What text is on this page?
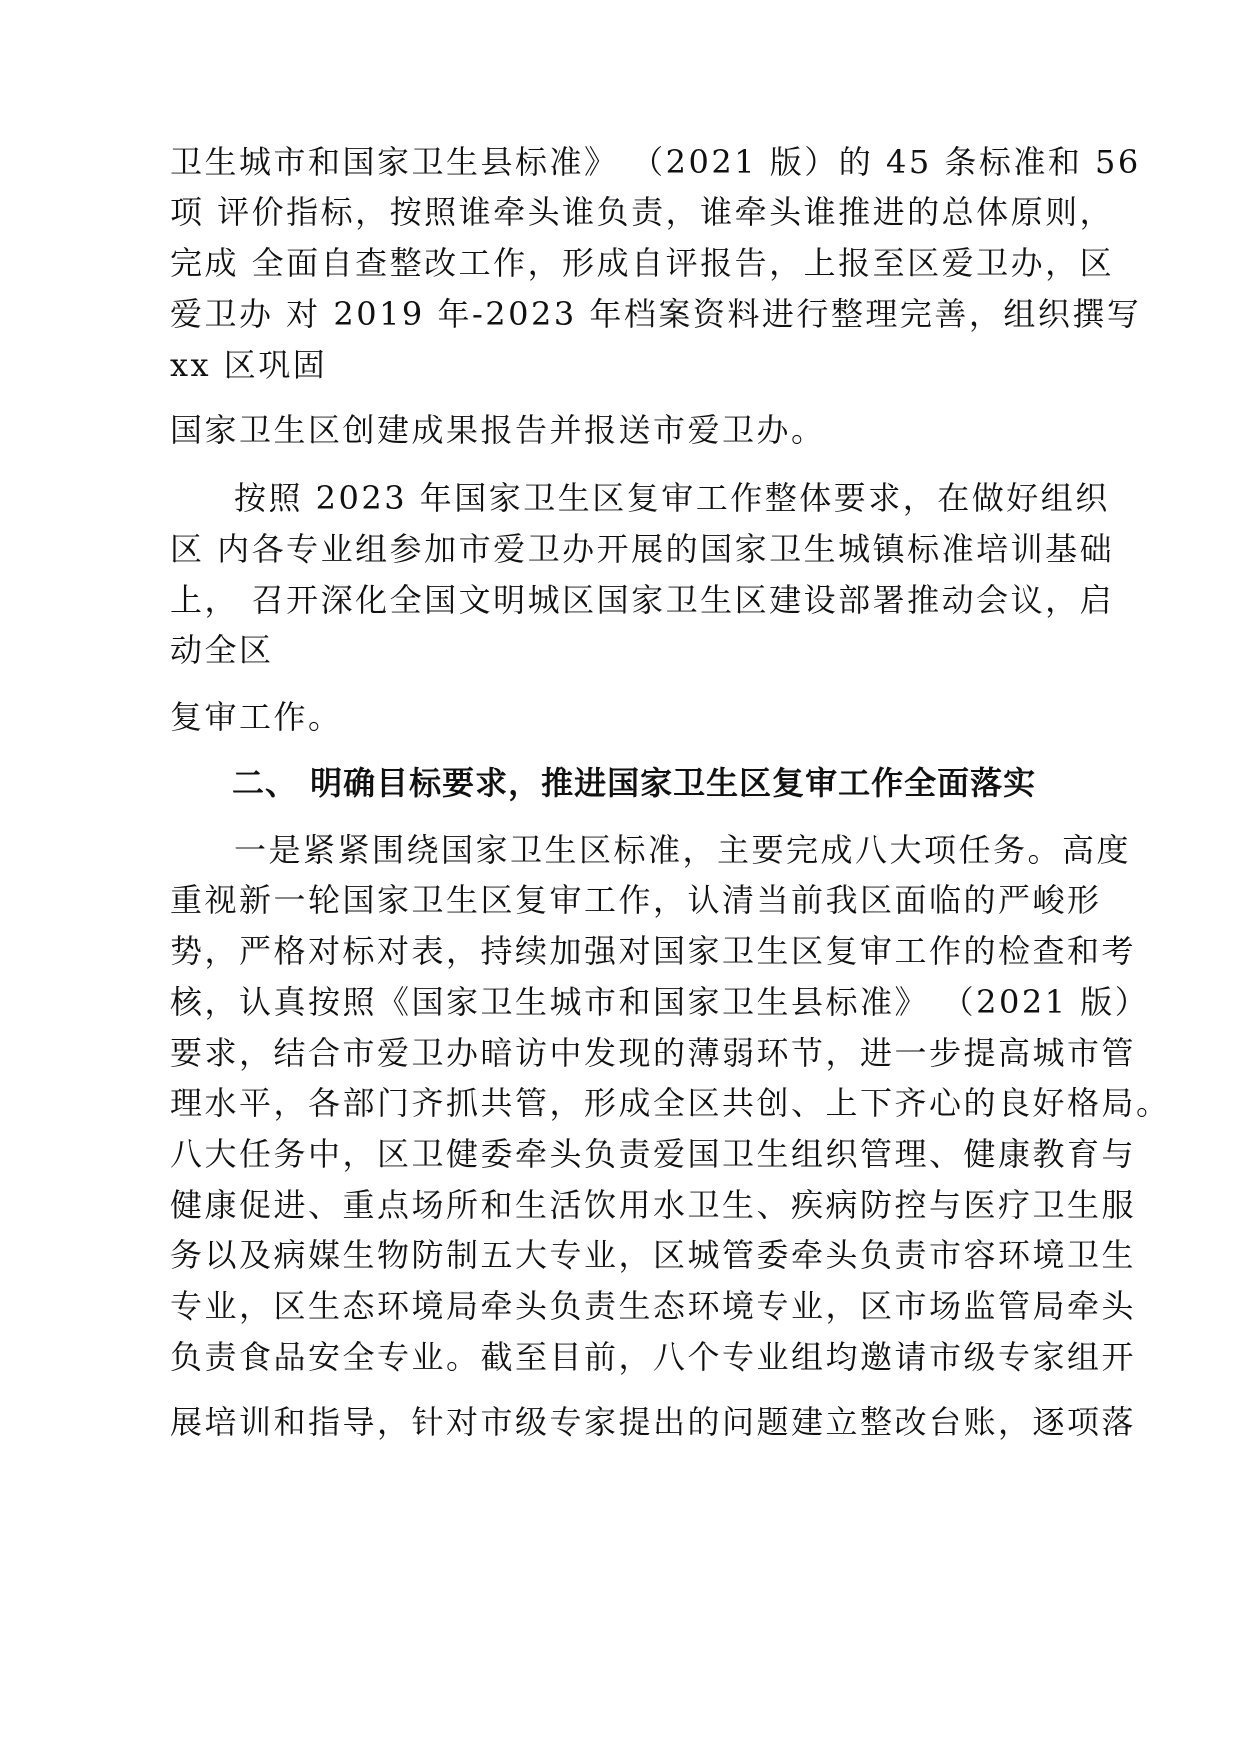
卫生城市和国家卫生县标准》 （2021 版）的 45 条标准和 56
项 评价指标，按照谁牵头谁负责，谁牵头谁推进的总体原则，
完成 全面自查整改工作，形成自评报告，上报至区爱卫办，区
爱卫办 对 2019 年-2023 年档案资料进行整理完善，组织撰写
xx 区巩固
国家卫生区创建成果报告并报送市爱卫办。
按照 2023 年国家卫生区复审工作整体要求，在做好组织
区 内各专业组参加市爱卫办开展的国家卫生城镇标准培训基础
上， 召开深化全国文明城区国家卫生区建设部署推动会议，启
动全区
复审工作。
二、 明确目标要求，推进国家卫生区复审工作全面落实
一是紧紧围绕国家卫生区标准，主要完成八大项任务。高度
重视新一轮国家卫生区复审工作，认清当前我区面临的严峻形
势，严格对标对表，持续加强对国家卫生区复审工作的检查和考
核，认真按照《国家卫生城市和国家卫生县标准》 （2021 版）
要求，结合市爱卫办暗访中发现的薄弱环节，进一步提高城市管
理水平，各部门齐抓共管，形成全区共创、上下齐心的良好格局。
八大任务中，区卫健委牵头负责爱国卫生组织管理、健康教育与
健康促进、重点场所和生活饮用水卫生、疾病防控与医疗卫生服
务以及病媒生物防制五大专业，区城管委牵头负责市容环境卫生
专业，区生态环境局牵头负责生态环境专业，区市场监管局牵头
负责食品安全专业。截至目前，八个专业组均邀请市级专家组开
展培训和指导，针对市级专家提出的问题建立整改台账，逐项落
